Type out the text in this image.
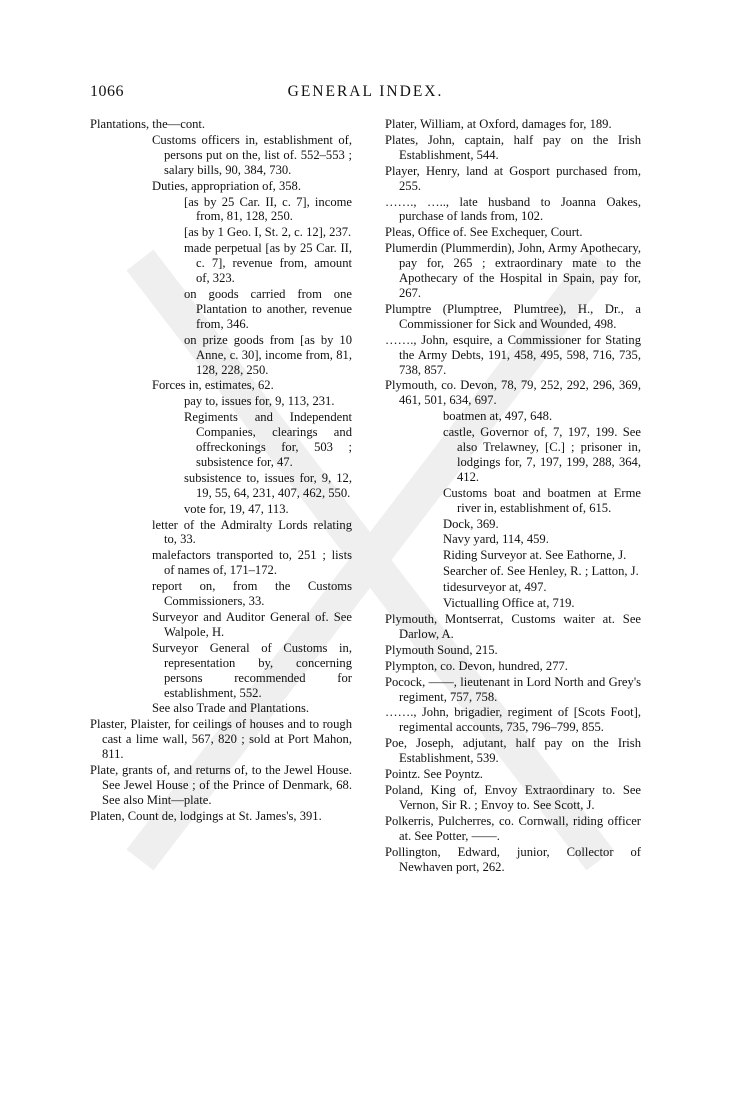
1066	GENERAL INDEX.
Plantations, the—cont.
Customs officers in, establishment of, persons put on the, list of. 552–553 ; salary bills, 90, 384, 730.
Duties, appropriation of, 358.
[as by 25 Car. II, c. 7], income from, 81, 128, 250.
[as by 1 Geo. I, St. 2, c. 12], 237.
made perpetual [as by 25 Car. II, c. 7], revenue from, amount of, 323.
on goods carried from one Plantation to another, revenue from, 346.
on prize goods from [as by 10 Anne, c. 30], income from, 81, 128, 228, 250.
Forces in, estimates, 62.
pay to, issues for, 9, 113, 231.
Regiments and Independent Companies, clearings and offreckonings for, 503 ; subsistence for, 47.
subsistence to, issues for, 9, 12, 19, 55, 64, 231, 407, 462, 550.
vote for, 19, 47, 113.
letter of the Admiralty Lords relating to, 33.
malefactors transported to, 251 ; lists of names of, 171–172.
report on, from the Customs Commissioners, 33.
Surveyor and Auditor General of. See Walpole, H.
Surveyor General of Customs in, representation by, concerning persons recommended for establishment, 552.
See also Trade and Plantations.
Plaster, Plaister, for ceilings of houses and to rough cast a lime wall, 567, 820 ; sold at Port Mahon, 811.
Plate, grants of, and returns of, to the Jewel House. See Jewel House ; of the Prince of Denmark, 68. See also Mint—plate.
Platen, Count de, lodgings at St. James's, 391.
Plater, William, at Oxford, damages for, 189.
Plates, John, captain, half pay on the Irish Establishment, 544.
Player, Henry, land at Gosport purchased from, 255.
……., ….., late husband to Joanna Oakes, purchase of lands from, 102.
Pleas, Office of. See Exchequer, Court.
Plumerdin (Plummerdin), John, Army Apothecary, pay for, 265 ; extraordinary mate to the Apothecary of the Hospital in Spain, pay for, 267.
Plumptre (Plumptree, Plumtree), H., Dr., a Commissioner for Sick and Wounded, 498.
……., John, esquire, a Commissioner for Stating the Army Debts, 191, 458, 495, 598, 716, 735, 738, 857.
Plymouth, co. Devon, 78, 79, 252, 292, 296, 369, 461, 501, 634, 697.
boatmen at, 497, 648.
castle, Governor of, 7, 197, 199. See also Trelawney, [C.] ; prisoner in, lodgings for, 7, 197, 199, 288, 364, 412.
Customs boat and boatmen at Erme river in, establishment of, 615.
Dock, 369.
Navy yard, 114, 459.
Riding Surveyor at. See Eathorne, J.
Searcher of. See Henley, R. ; Latton, J.
tidesurveyor at, 497.
Victualling Office at, 719.
Plymouth, Montserrat, Customs waiter at. See Darlow, A.
Plymouth Sound, 215.
Plympton, co. Devon, hundred, 277.
Pocock, ——, lieutenant in Lord North and Grey's regiment, 757, 758.
……., John, brigadier, regiment of [Scots Foot], regimental accounts, 735, 796–799, 855.
Poe, Joseph, adjutant, half pay on the Irish Establishment, 539.
Pointz. See Poyntz.
Poland, King of, Envoy Extraordinary to. See Vernon, Sir R. ; Envoy to. See Scott, J.
Polkerris, Pulcherres, co. Cornwall, riding officer at. See Potter, ——.
Pollington, Edward, junior, Collector of Newhaven port, 262.
